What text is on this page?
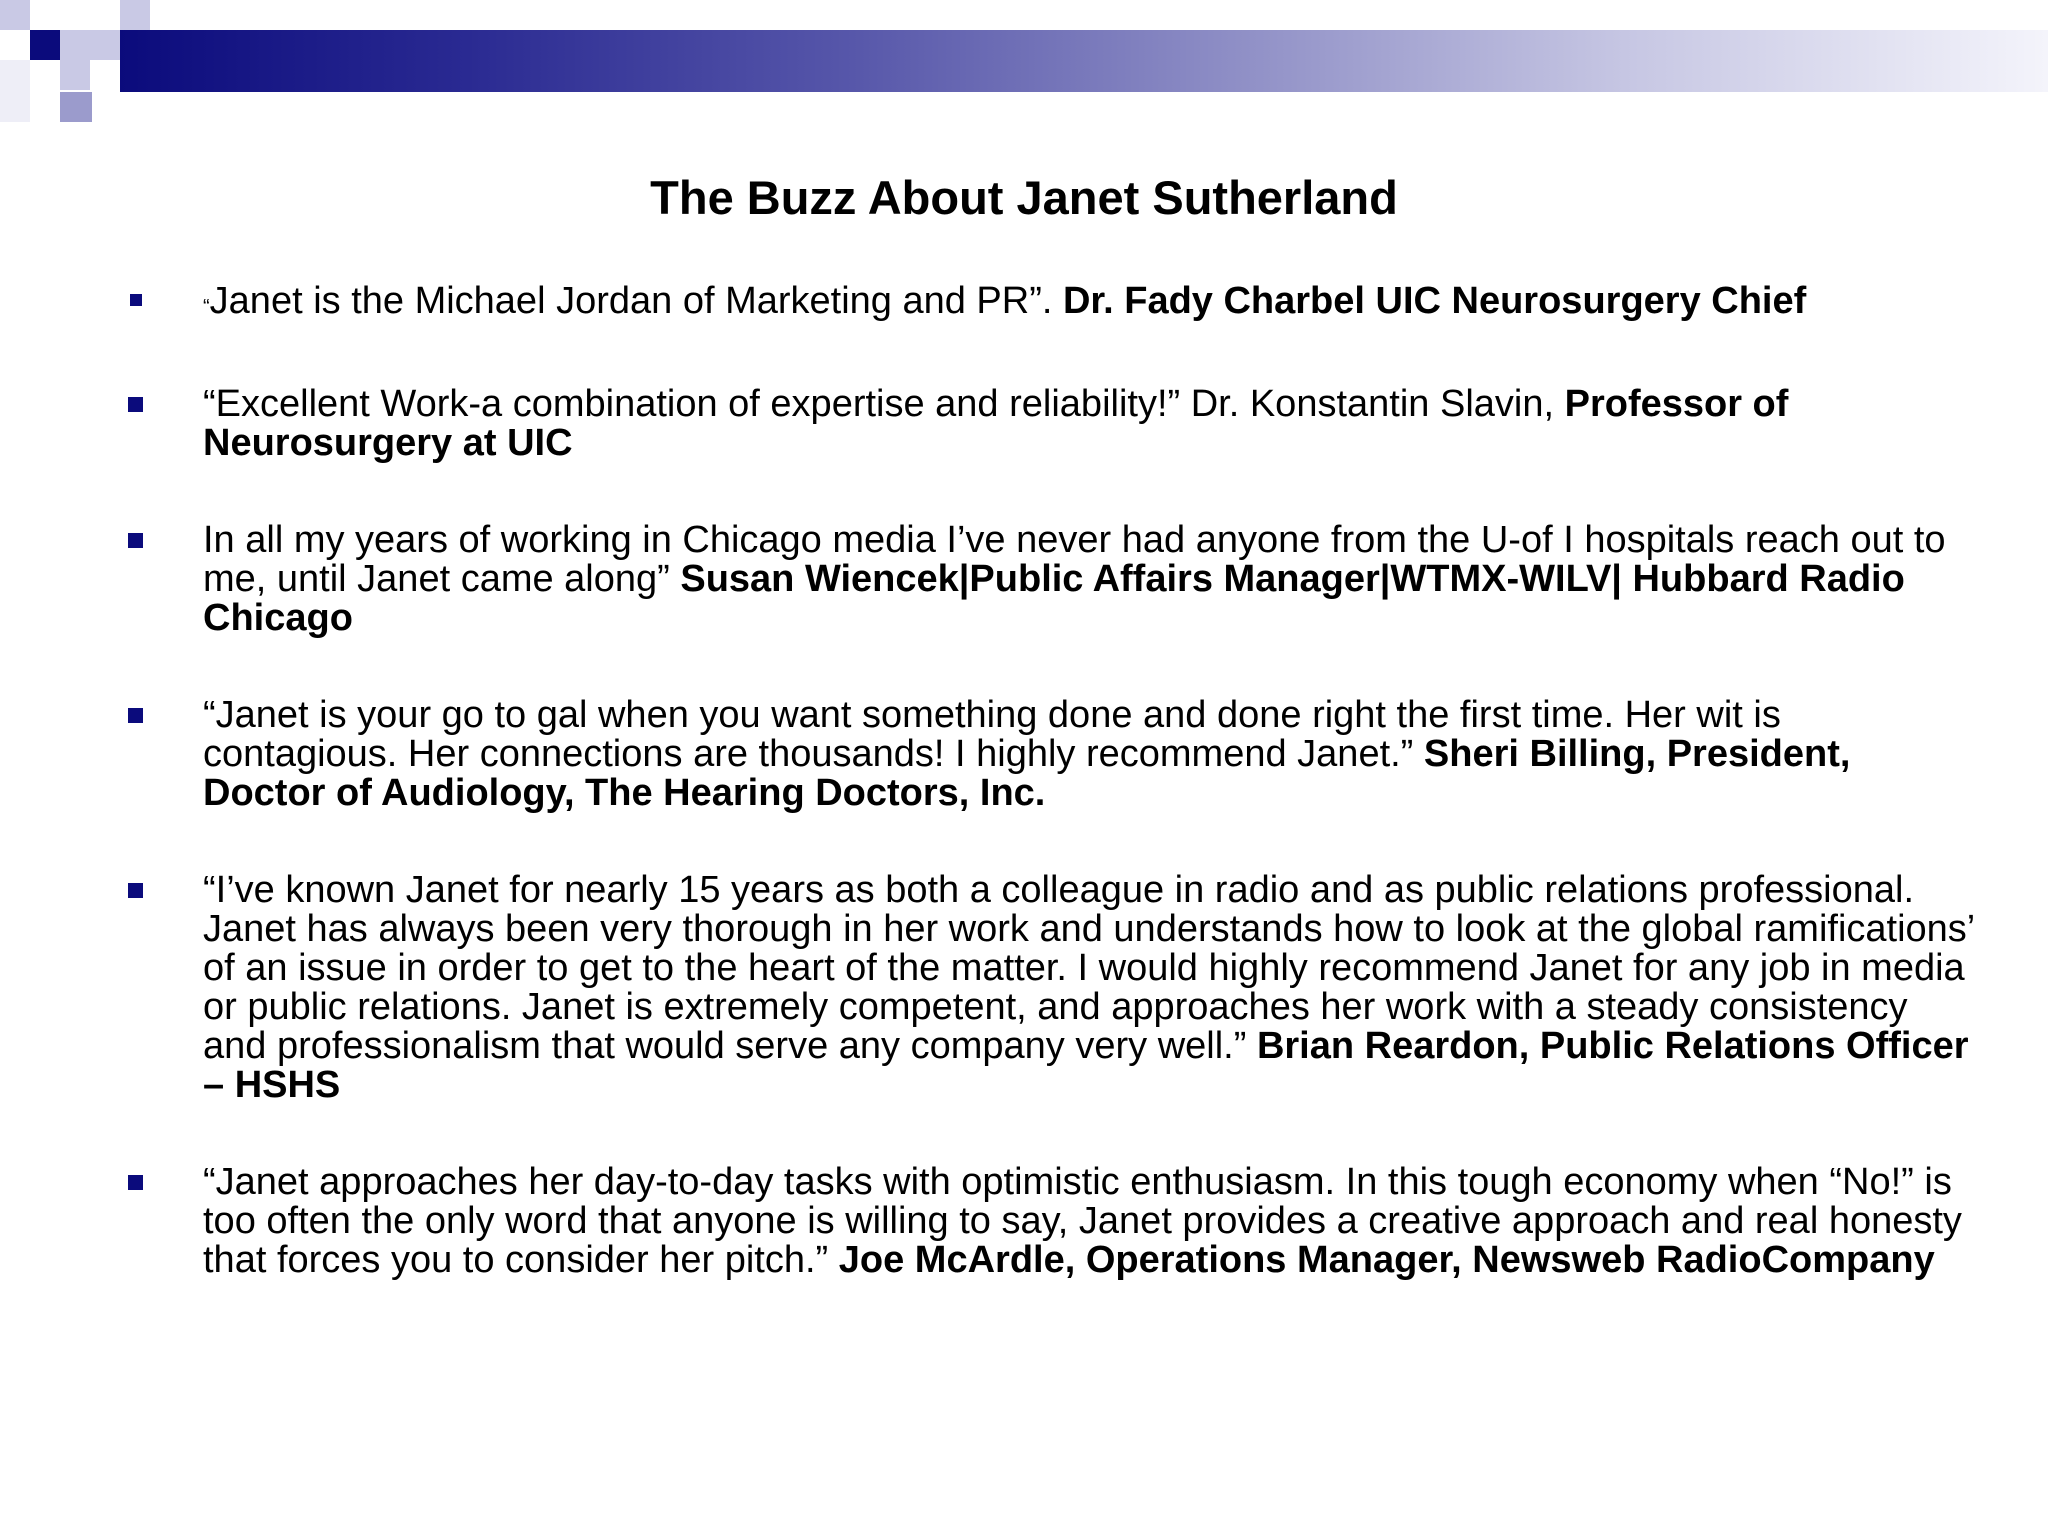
The Buzz About Janet Sutherland
“Janet is the Michael Jordan of Marketing and PR”. Dr. Fady Charbel UIC Neurosurgery Chief
“Excellent Work-a combination of expertise and reliability!” Dr. Konstantin Slavin, Professor of Neurosurgery at UIC
In all my years of working in Chicago media I’ve never had anyone from the U-of I hospitals reach out to me, until Janet came along” Susan Wiencek|Public Affairs Manager|WTMX-WILV| Hubbard Radio Chicago
“Janet is your go to gal when you want something done and done right the first time. Her wit is contagious. Her connections are thousands! I highly recommend Janet.” Sheri Billing, President, Doctor of Audiology, The Hearing Doctors, Inc.
“I’ve known Janet for nearly 15 years as both a colleague in radio and as public relations professional. Janet has always been very thorough in her work and understands how to look at the global ramifications’ of an issue in order to get to the heart of the matter. I would highly recommend Janet for any job in media or public relations. Janet is extremely competent, and approaches her work with a steady consistency and professionalism that would serve any company very well.” Brian Reardon, Public Relations Officer – HSHS
“Janet approaches her day-to-day tasks with optimistic enthusiasm. In this tough economy when “No!” is too often the only word that anyone is willing to say, Janet provides a creative approach and real honesty that forces you to consider her pitch.” Joe McArdle, Operations Manager, Newsweb RadioCompany
